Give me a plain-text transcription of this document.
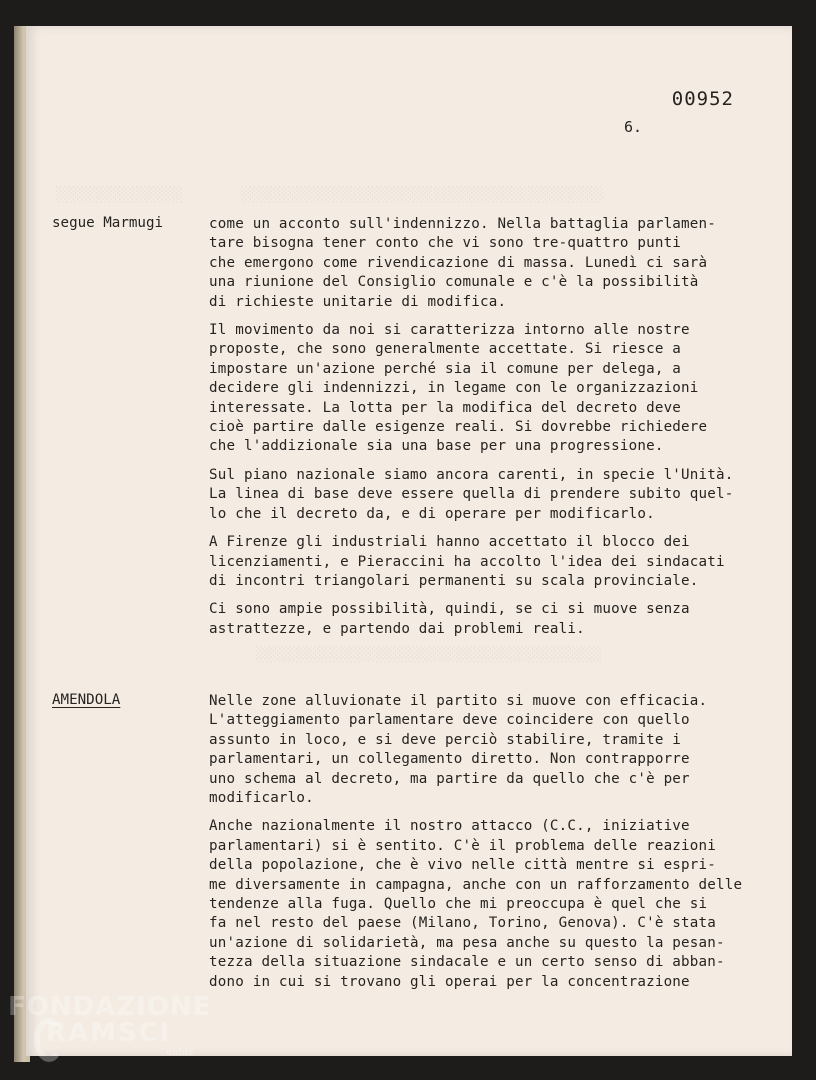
░░░░░░░░░░░░░░░       ░░░░░░░░░░░░░░░░░░░░░░░░░░░░░░░░░░░░░░░░░░░
░░░░░░░░░░░░░░░░░░░░░░░░░░░░░░░░░░░░░░░░░
00952
6.
segue Marmugi	come un acconto sull'indennizzo. Nella battaglia parlamen-
tare bisogna tener conto che vi sono tre-quattro punti
che emergono come rivendicazione di massa. Lunedì ci sarà
una riunione del Consiglio comunale e c'è la possibilità
di richieste unitarie di modifica.

Il movimento da noi si caratterizza intorno alle nostre
proposte, che sono generalmente accettate. Si riesce a
impostare un'azione perché sia il comune per delega, a
decidere gli indennizzi, in legame con le organizzazioni
interessate. La lotta per la modifica del decreto deve
cioè partire dalle esigenze reali. Si dovrebbe richiedere
che l'addizionale sia una base per una progressione.

Sul piano nazionale siamo ancora carenti, in specie l'Unità.
La linea di base deve essere quella di prendere subito quel-
lo che il decreto da, e di operare per modificarlo.

A Firenze gli industriali hanno accettato il blocco dei
licenziamenti, e Pieraccini ha accolto l'idea dei sindacati
di incontri triangolari permanenti su scala provinciale.

Ci sono ampie possibilità, quindi, se ci si muove senza
astrattezze, e partendo dai problemi reali.

AMENDOLA	Nelle zone alluvionate il partito si muove con efficacia.
L'atteggiamento parlamentare deve coincidere con quello
assunto in loco, e si deve perciò stabilire, tramite i
parlamentari, un collegamento diretto. Non contrapporre
uno schema al decreto, ma partire da quello che c'è per
modificarlo.

Anche nazionalmente il nostro attacco (C.C., iniziative
parlamentari) si è sentito. C'è il problema delle reazioni
della popolazione, che è vivo nelle città mentre si espri-
me diversamente in campagna, anche con un rafforzamento delle
tendenze alla fuga. Quello che mi preoccupa è quel che si
fa nel resto del paese (Milano, Torino, Genova). C'è stata
un'azione di solidarietà, ma pesa anche su questo la pesan-
tezza della situazione sindacale e un certo senso di abban-
dono in cui si trovano gli operai per la concentrazione

FONDAZIONE
RAMSCI
onlus
